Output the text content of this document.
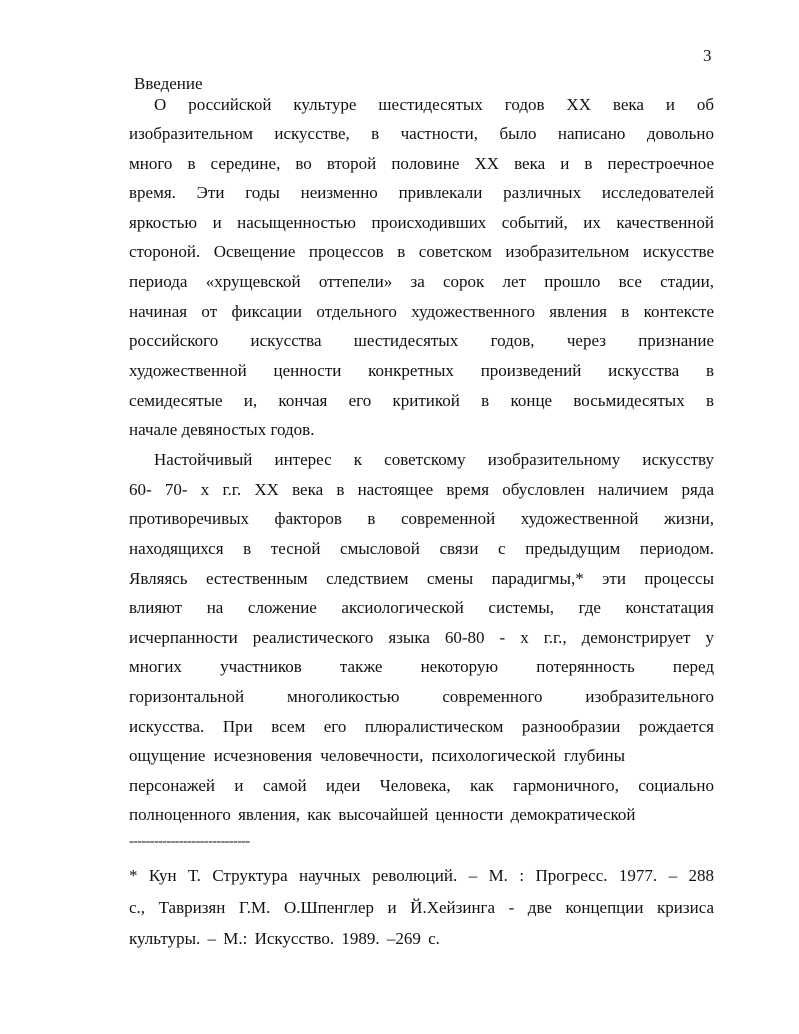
3
Введение
О российской культуре шестидесятых годов XX века и об
изобразительном искусстве, в частности, было написано довольно
много в середине, во второй половине XX века и в перестроечное
время. Эти годы неизменно привлекали различных исследователей
яркостью и насыщенностью происходивших событий, их качественной
стороной. Освещение процессов в советском изобразительном искусстве
периода «хрущевской оттепели» за сорок лет прошло все стадии,
начиная от фиксации отдельного художественного явления в контексте
российского искусства шестидесятых годов, через признание
художественной ценности конкретных произведений искусства в
семидесятые и, кончая его критикой в конце восьмидесятых в
начале девяностых годов.
Настойчивый интерес к советскому изобразительному искусству
60- 70- х г.г. XX века в настоящее время обусловлен наличием ряда
противоречивых факторов в современной художественной жизни,
находящихся в тесной смысловой связи с предыдущим периодом.
Являясь естественным следствием смены парадигмы,* эти процессы
влияют на сложение аксиологической системы, где констатация
исчерпанности реалистического языка 60-80 - х г.г., демонстрирует у
многих участников также некоторую потерянность перед
горизонтальной многоликостью современного изобразительного
искусства. При всем его плюралистическом разнообразии рождается
ощущение исчезновения человечности, психологической глубины
персонажей и самой идеи Человека, как гармоничного, социально
полноценного явления, как высочайшей ценности демократической
-----------------------------
* Кун Т. Структура научных революций. – М. : Прогресс. 1977. – 288
с., Тавризян Г.М. О.Шпенглер и Й.Хейзинга - две концепции кризиса
культуры. – М.: Искусство. 1989. –269 с.
